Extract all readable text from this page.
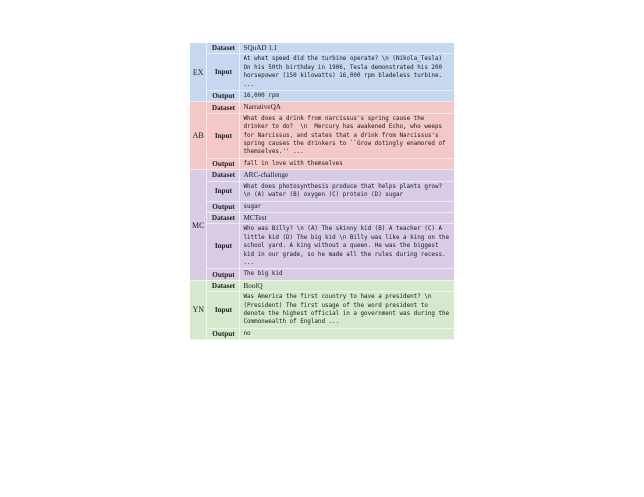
EX	Dataset	SQuAD 1.1
	Input	At what speed did the turbine operate? \n (Nikola_Tesla) On his 50th birthday in 1906, Tesla demonstrated his 200 horsepower (150 kilowatts) 16,000 rpm bladeless turbine. ...
	Output	16,000 rpm
AB	Dataset	NarrativeQA
	Input	What does a drink from narcissus's spring cause the drinker to do?  \n  Mercury has awakened Echo, who weeps for Narcissus, and states that a drink from Narcissus's spring causes the drinkers to ``Grow dotingly enamored of themselves.'' ...
	Output	fall in love with themselves
MC	Dataset	ARC-challenge
	Input	What does photosynthesis produce that helps plants grow? \n (A) water (B) oxygen (C) protein (D) sugar
	Output	sugar
	Dataset	MCTest
	Input	Who was Billy? \n (A) The skinny kid (B) A teacher (C) A little kid (D) The big kid \n Billy was like a king on the school yard. A king without a queen. He was the biggest kid in our grade, so he made all the rules during recess. ...
	Output	The big kid
YN	Dataset	BoolQ
	Input	Was America the first country to have a president? \n (President) The first usage of the word president to denote the highest official in a government was during the Commonwealth of England ...
	Output	no
